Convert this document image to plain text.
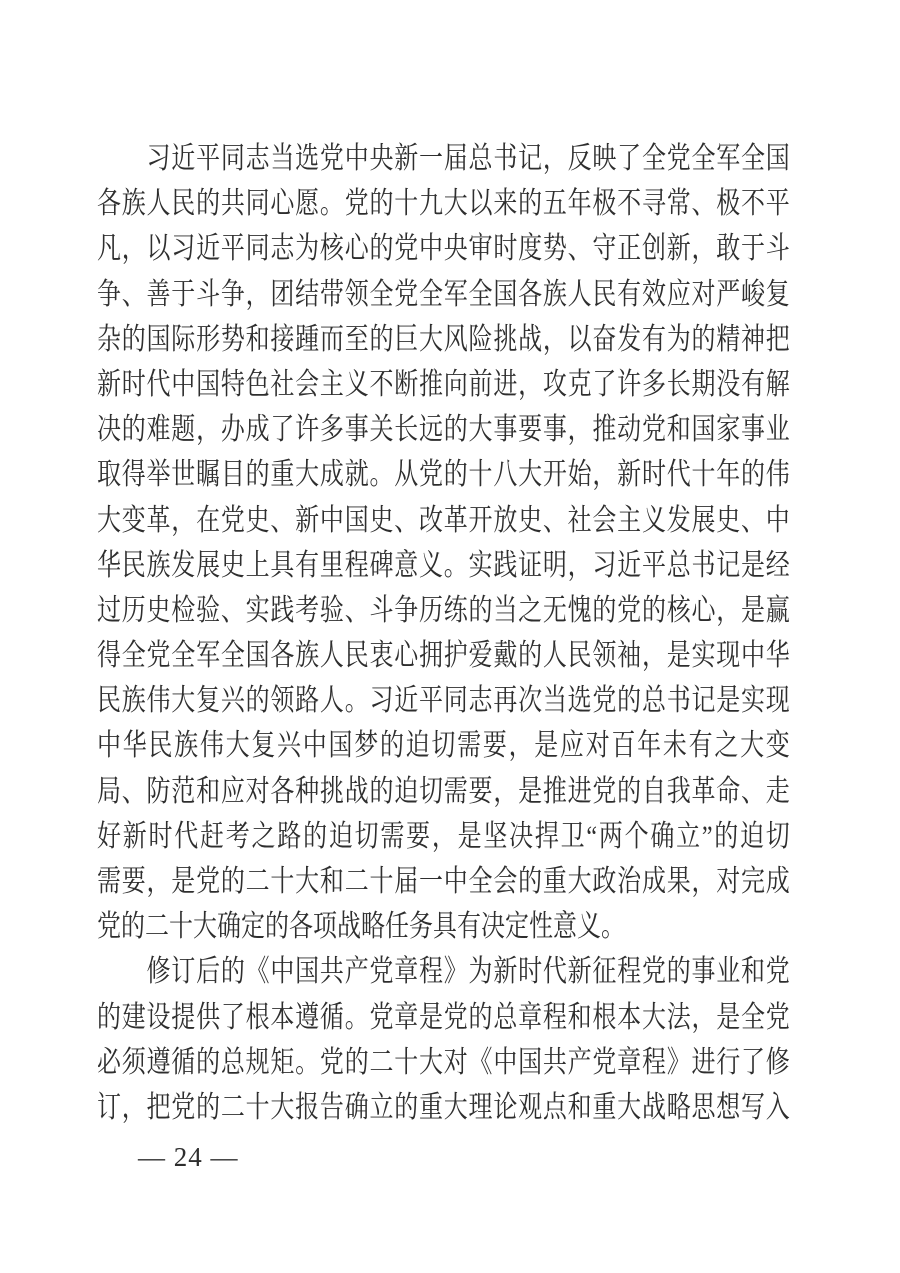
　　习近平同志当选党中央新一届总书记，反映了全党全军全国
各族人民的共同心愿。党的十九大以来的五年极不寻常、极不平
凡，以习近平同志为核心的党中央审时度势、守正创新，敢于斗
争、善于斗争，团结带领全党全军全国各族人民有效应对严峻复
杂的国际形势和接踵而至的巨大风险挑战，以奋发有为的精神把
新时代中国特色社会主义不断推向前进，攻克了许多长期没有解
决的难题，办成了许多事关长远的大事要事，推动党和国家事业
取得举世瞩目的重大成就。从党的十八大开始，新时代十年的伟
大变革，在党史、新中国史、改革开放史、社会主义发展史、中
华民族发展史上具有里程碑意义。实践证明，习近平总书记是经
过历史检验、实践考验、斗争历练的当之无愧的党的核心，是赢
得全党全军全国各族人民衷心拥护爱戴的人民领袖，是实现中华
民族伟大复兴的领路人。习近平同志再次当选党的总书记是实现
中华民族伟大复兴中国梦的迫切需要，是应对百年未有之大变
局、防范和应对各种挑战的迫切需要，是推进党的自我革命、走
好新时代赶考之路的迫切需要，是坚决捍卫“两个确立”的迫切
需要，是党的二十大和二十届一中全会的重大政治成果，对完成
党的二十大确定的各项战略任务具有决定性意义。
　　修订后的《中国共产党章程》为新时代新征程党的事业和党
的建设提供了根本遵循。党章是党的总章程和根本大法，是全党
必须遵循的总规矩。党的二十大对《中国共产党章程》进行了修
订，把党的二十大报告确立的重大理论观点和重大战略思想写入
— 24 —
